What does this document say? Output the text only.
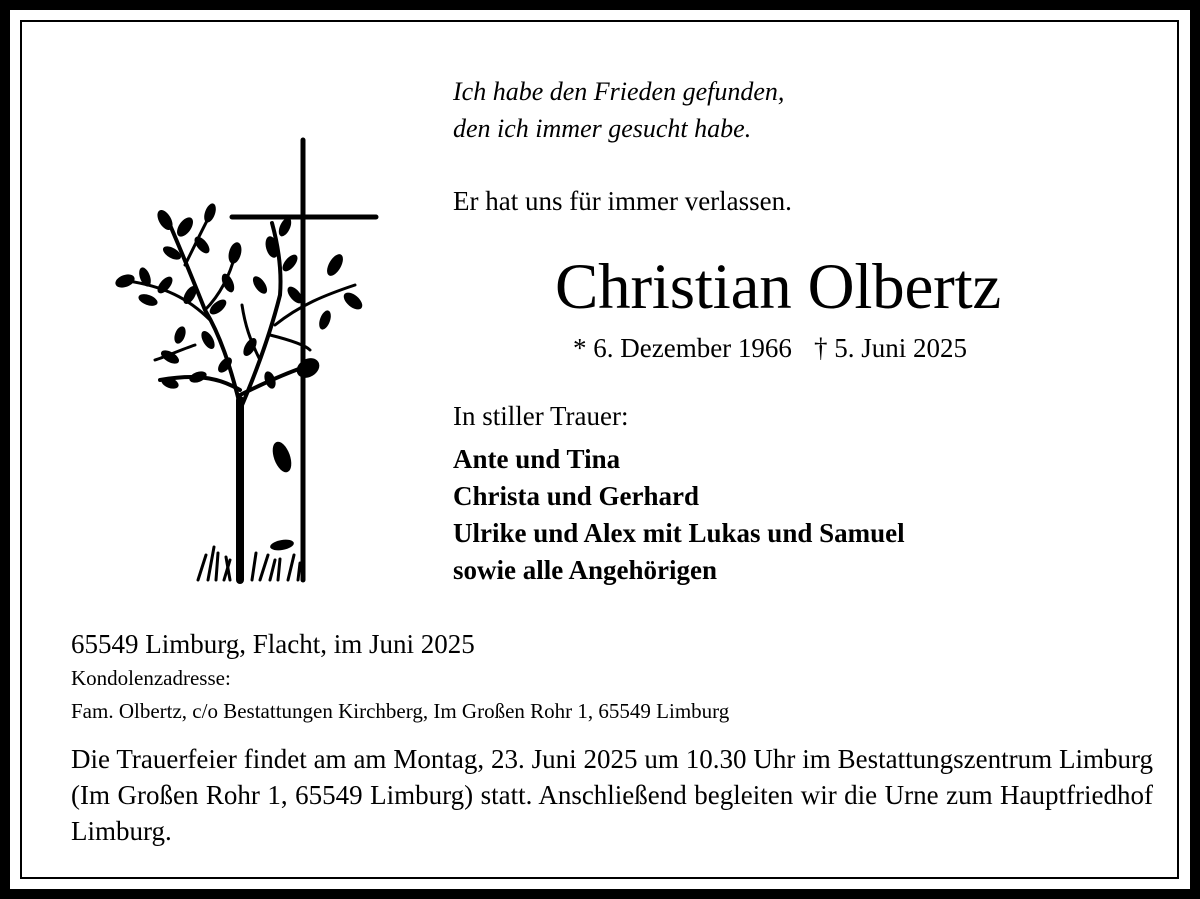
Ich habe den Frieden gefunden,
den ich immer gesucht habe.
Er hat uns für immer verlassen.
Christian Olbertz
* 6. Dezember 1966 † 5. Juni 2025
In stiller Trauer:
Ante und Tina
Christa und Gerhard
Ulrike und Alex mit Lukas und Samuel
sowie alle Angehörigen
65549 Limburg, Flacht, im Juni 2025
Kondolenzadresse:
Fam. Olbertz, c/o Bestattungen Kirchberg, Im Großen Rohr 1, 65549 Limburg
Die Trauerfeier findet am am Montag, 23. Juni 2025 um 10.30 Uhr im Bestattungszentrum Limburg (Im Großen Rohr 1, 65549 Limburg) statt. Anschließend begleiten wir die Urne zum Hauptfriedhof Limburg.
